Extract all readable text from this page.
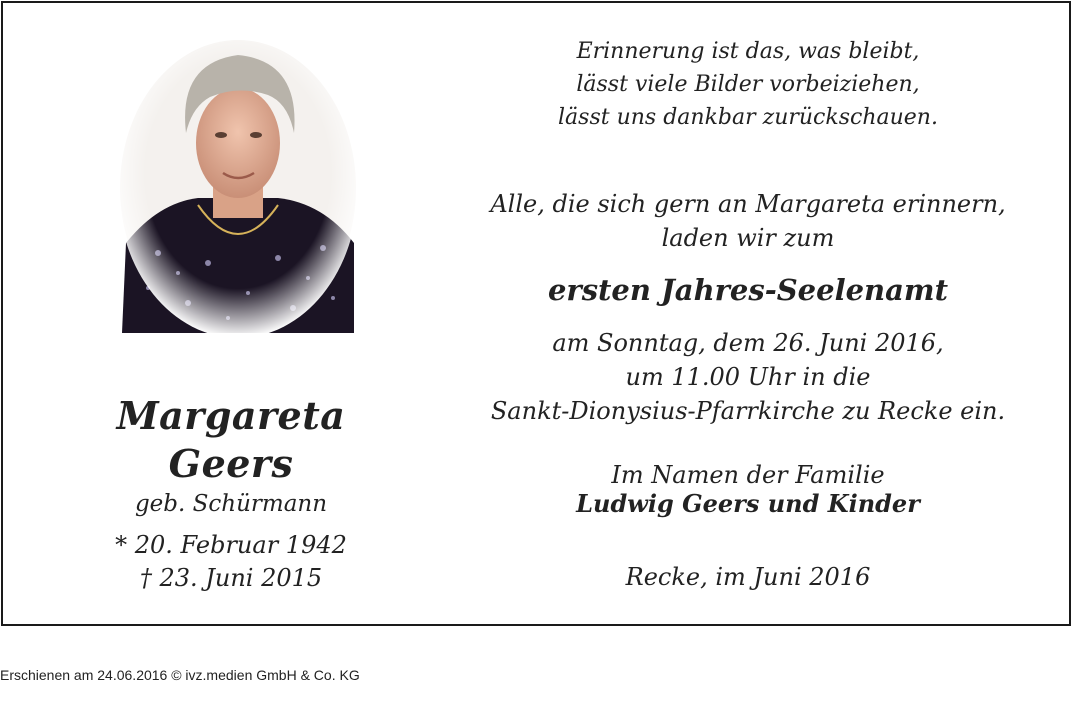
Margareta
Geers
geb. Schürmann
* 20. Februar 1942
† 23. Juni 2015
Erinnerung ist das, was bleibt,
lässt viele Bilder vorbeiziehen,
lässt uns dankbar zurückschauen.
Alle, die sich gern an Margareta erinnern,
laden wir zum
ersten Jahres-Seelenamt
am Sonntag, dem 26. Juni 2016,
um 11.00 Uhr in die
Sankt-Dionysius-Pfarrkirche zu Recke ein.
Im Namen der Familie
Ludwig Geers und Kinder
Recke, im Juni 2016
Erschienen am 24.06.2016 © ivz.medien GmbH & Co. KG
